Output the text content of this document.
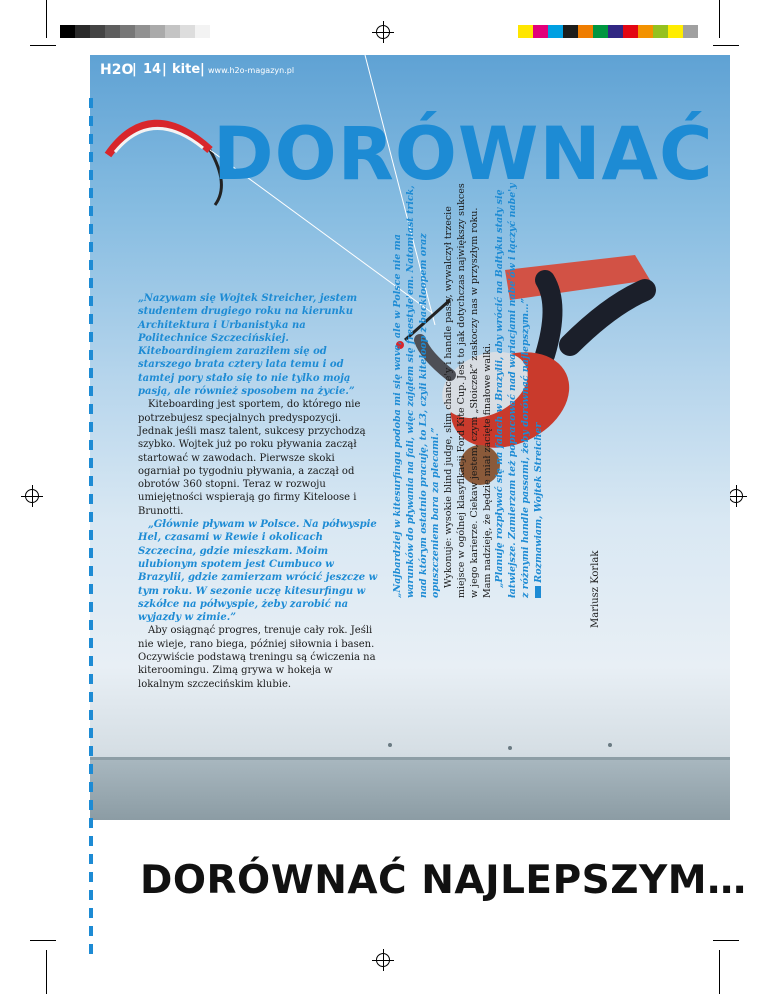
H2O
| 14 | kite | www.h2o-magazyn.pl
DORÓWNAĆ

„Nazywam się Wojtek Streicher, jestem studentem drugiego roku na kierunku Architektura i Urbanistyka na Politechnice Szczecińskiej. Kiteboardingiem zaraziłem się od starszego brata cztery lata temu i od tamtej pory stało się to nie tylko moją pasją, ale również sposobem na życie.”

Kiteboarding jest sportem, do którego nie potrzebujesz specjalnych predyspozycji. Jednak jeśli masz talent, sukcesy przychodzą szybko. Wojtek już po roku pływania zaczął startować w zawodach. Pierwsze skoki ogarniał po tygodniu pływania, a zaczął od obrotów 360 stopni. Teraz w rozwoju umiejętności wspierają go firmy Kiteloose i Brunotti.

„Głównie pływam w Polsce. Na półwyspie Hel, czasami w Rewie i okolicach Szczecina, gdzie mieszkam. Moim ulubionym spotem jest Cumbuco w Brazylii, gdzie zamierzam wrócić jeszcze w tym roku. W sezonie uczę kitesurfingu w szkółce na półwyspie, żeby zarobić na wyjazdy w zimie.”

Aby osiągnąć progres, trenuje cały rok. Jeśli nie wieje, rano biega, później siłownia i basen. Oczywiście podstawą treningu są ćwiczenia na kiteroomingu. Zimą grywa w hokeja w lokalnym szczecińskim klubie.

„Najbardziej w kitesurfingu podoba mi się wave, ale w Polsce nie ma warunków do pływania na fali, więc zająłem się freestyle'em. Natomiast trick, nad którym ostatnio pracuję, to L3, czyli kiteloop z backloopem oraz opuszczeniem bara za plecami.” Wykonuje: wysokie blind judge, slim chance'y i handle passy, wywalczył trzecie miejsce w ogólnej klasyfikacji Ford Kite Cup. Jest to jak dotychczas największy sukces w jego karierze. Ciekaw jestem, czym „Słoiczek” zaskoczy nas w przyszłym roku. Mam nadzieję, że będzie miał zacięte finałowe walki. „Planuję rozpływać się na falach w Brazylii, aby wrócić na Bałtyku stały się łatwiejsze. Zamierzam też popracować nad wariacjami nabe'ów i łączyć nabe'y z różnymi handle passami, żeby dorównać najlepszym…” Rozmawiam, Wojtek Streicher

Mariusz Korlak
DORÓWNAĆ NAJLEPSZYM…
